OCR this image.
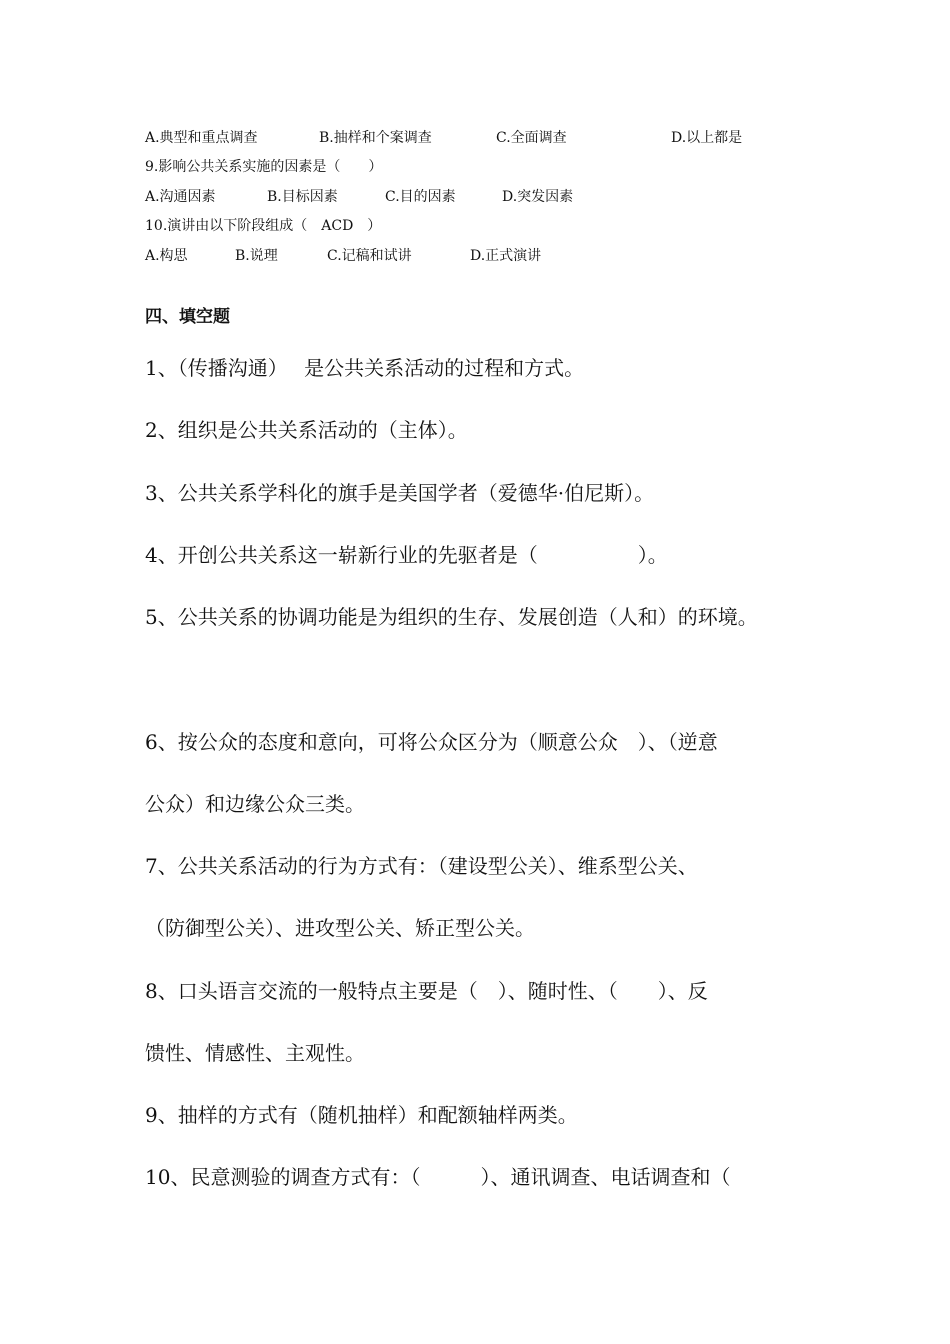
A.典型和重点调查	B.抽样和个案调查	C.全面调查	D.以上都是
9.影响公共关系实施的因素是（　　）
A.沟通因素	B.目标因素	C.目的因素	D.突发因素
10.演讲由以下阶段组成（　ACD　）
A.构思	B.说理	C.记稿和试讲	D.正式演讲
四、填空题
1、（传播沟通）　 是公共关系活动的过程和方式。
2、组织是公共关系活动的（主体）。
3、公共关系学科化的旗手是美国学者（爱德华·伯尼斯）。
4、开创公共关系这一崭新行业的先驱者是（　　　　　）。
5、公共关系的协调功能是为组织的生存、发展创造（人和）的环境。
6、按公众的态度和意向，可将公众区分为（顺意公众　）、（逆意
公众）和边缘公众三类。
7、公共关系活动的行为方式有：（建设型公关）、维系型公关、
（防御型公关）、进攻型公关、矫正型公关。
8、口头语言交流的一般特点主要是（　）、随时性、（　　）、反
馈性、情感性、主观性。
9、抽样的方式有（随机抽样）和配额轴样两类。
10、民意测验的调查方式有：（　　　）、通讯调查、电话调查和（
